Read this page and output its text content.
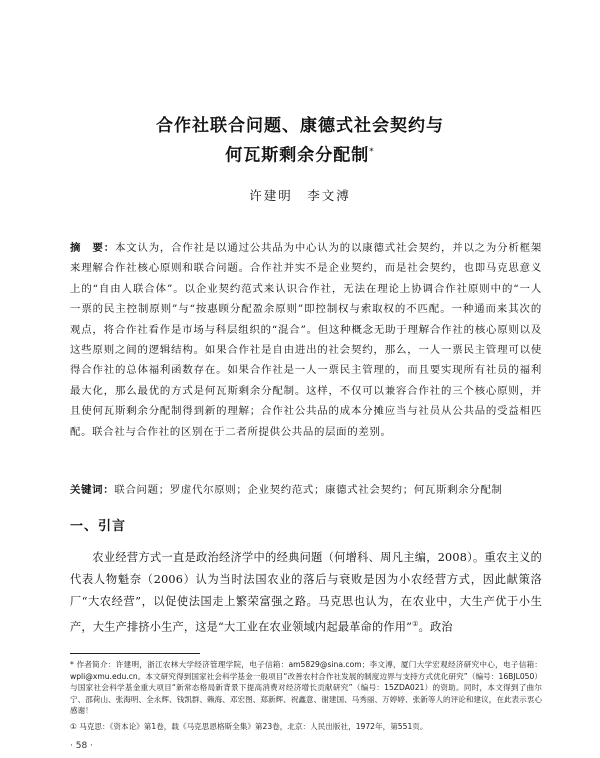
合作社联合问题、康德式社会契约与
何瓦斯剩余分配制*
许建明　李文溥
摘　要：本文认为，合作社是以通过公共品为中心认为的以康德式社会契约，并以之为分析框架来理解合作社核心原则和联合问题。合作社并实不是企业契约，而是社会契约，也即马克思意义上的“自由人联合体”。以企业契约范式来认识合作社，无法在理论上协调合作社原则中的“一人一票的民主控制原则”与“按惠顾分配盈余原则”即控制权与索取权的不匹配。一种通而来其次的观点，将合作社看作是市场与科层组织的“混合”。但这种概念无助于理解合作社的核心原则以及这些原则之间的逻辑结构。如果合作社是自由进出的社会契约，那么，一人一票民主管理可以使得合作社的总体福利函数存在。如果合作社是一人一票民主管理的，而且要实现所有社员的福利最大化，那么最优的方式是何瓦斯剩余分配制。这样，不仅可以兼容合作社的三个核心原则，并且使何瓦斯剩余分配制得到新的理解；合作社公共品的成本分摊应当与社员从公共品的受益相匹配。联合社与合作社的区别在于二者所提供公共品的层面的差别。
关键词：联合问题；罗虚代尔原则；企业契约范式；康德式社会契约；何瓦斯剩余分配制
一、引言
农业经营方式一直是政治经济学中的经典问题（何增科、周凡主编，2008）。重农主义的代表人物魁奈（2006）认为当时法国农业的落后与衰败是因为小农经营方式，因此献策洛厂“大农经营”，以促使法国走上繁荣富强之路。马克思也认为，在农业中，大生产优于小生产，大生产排挤小生产，这是“大工业在农业领域内起最革命的作用”①。政治
* 作者简介：许建明，浙江农林大学经济管理学院，电子信箱：am5829@sina.com；李文溥，厦门大学宏观经济研究中心，电子信箱：wpli@xmu.edu.cn。本文研究得到国家社会科学基金一般项目“改善农村合作社发展的制度边界与支持方式优化研究”（编号：16BJL050）与国家社会科学基金重大项目“新常态格局新背景下提高消费对经济增长贡献研究”（编号：15ZDA021）的资助。同时，本文得到了曲尔宁、邵荷山、张海明、全永辉、钱凯群、赖海、邓宏图、郑新辉、祝鑫意、谢建国、马秀丽、万婷婷、张新等人的评论和建议，在此表示衷心感谢！
① 马克思：《资本论》第1卷，载《马克思恩格斯全集》第23卷，北京：人民出版社，1972年，第551页。
· 58 ·
